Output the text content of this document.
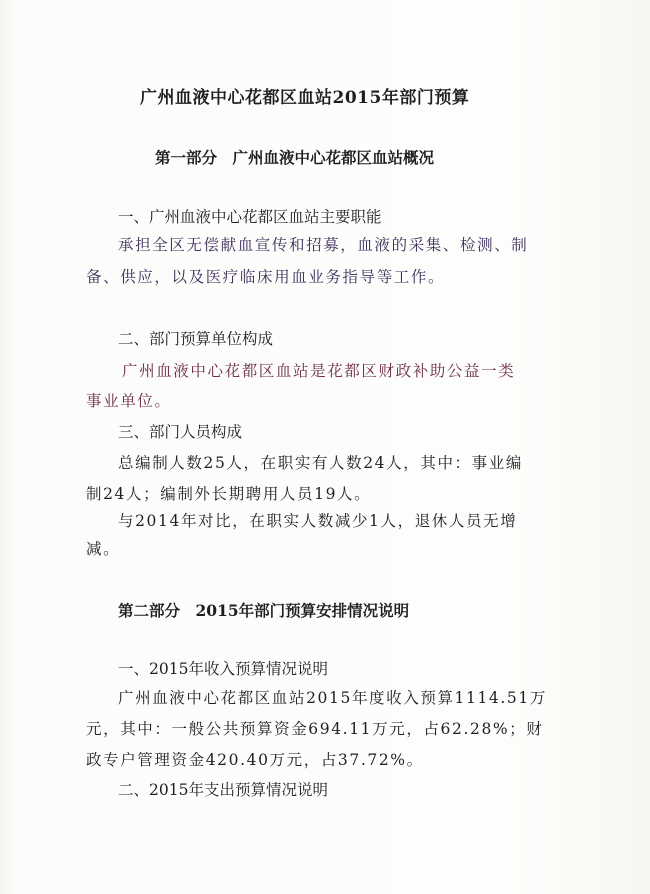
广州血液中心花都区血站2015年部门预算
第一部分　广州血液中心花都区血站概况
一、广州血液中心花都区血站主要职能
承担全区无偿献血宣传和招募，血液的采集、检测、制
备、供应，以及医疗临床用血业务指导等工作。
二、部门预算单位构成
广州血液中心花都区血站是花都区财政补助公益一类
事业单位。
三、部门人员构成
总编制人数25人，在职实有人数24人，其中：事业编
制24人；编制外长期聘用人员19人。
与2014年对比，在职实人数减少1人，退休人员无增
减。
第二部分　2015年部门预算安排情况说明
一、2015年收入预算情况说明
广州血液中心花都区血站2015年度收入预算1114.51万
元，其中：一般公共预算资金694.11万元，占62.28%；财
政专户管理资金420.40万元，占37.72%。
二、2015年支出预算情况说明
